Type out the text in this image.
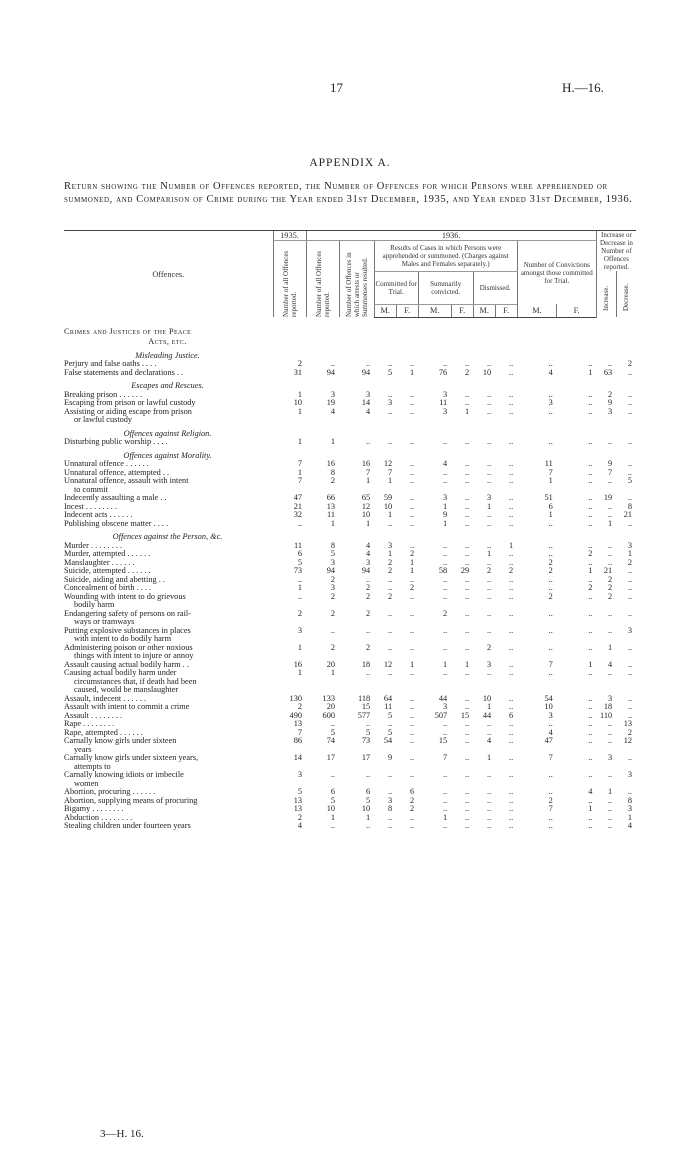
17	H.—16.
APPENDIX A.
Return showing the Number of Offences reported, the Number of Offences for which Persons were apprehended or summoned, and Comparison of Crime during the Year ended 31st December, 1935, and Year ended 31st December, 1936.
Offences.	1935.	1936.										Increase or Decrease in Number of Offences reported.	

	Number of all Offences reported.	Number of all Offences reported.	Number of Offences in which arrests or Summonses resulted.	Results of Cases in which Persons were apprehended or summoned. (Charges against Males and Females separately.)						Number of Convictions amongst those committed for Trial.			
				Committed for Trial.		Summarily convicted.		Dismissed.				Increase.	Decrease.

				M.	F.	M.	F.	M.	F.	M.	F.		

Crimes and Justices of the Peace													
Acts, etc.													
Misleading Justice.													
Perjury and false oaths . . . .	2	..	..	..	..	..	..	..	..	..	..	..	2
False statements and declarations . .	31	94	94	5	1	76	2	10	..	4	1	63	..
Escapes and Rescues.													
Breaking prison . . . . . .	1	3	3	..	..	3	..	..	..	..	..	2	..
Escaping from prison or lawful custody	10	19	14	3	..	11	..	..	..	3	..	9	..
Assisting or aiding escape from prison	1	4	4	..	..	3	1	..	..	..	..	3	..
or lawful custody													
Offences against Religion.													
Disturbing public worship . . . .	1	1	..	..	..	..	..	..	..	..	..	..	..
Offences against Morality.													
Unnatural offence . . . . . .	7	16	16	12	..	4	..	..	..	11	..	9	..
Unnatural offence, attempted . .	1	8	7	7	..	..	..	..	..	7	..	7	..
Unnatural offence, assault with intent	7	2	1	1	..	..	..	..	..	1	..	..	5
to commit													
Indecently assaulting a male . .	47	66	65	59	..	3	..	3	..	51	..	19	..
Incest . . . . . . . .	21	13	12	10	..	1	..	1	..	6	..	..	8
Indecent acts . . . . . .	32	11	10	1	..	9	..	..	..	1	..	..	21
Publishing obscene matter . . . .	..	1	1	..	..	1	..	..	..	..	..	1	..
Offences against the Person, &c.													
Murder . . . . . . . .	11	8	4	3	..	..	..	..	1	..	..	..	3
Murder, attempted . . . . . .	6	5	4	1	2	..	..	1	..	..	2	..	1
Manslaughter . . . . . .	5	3	3	2	1	..	..	..	..	2	..	..	2
Suicide, attempted . . . . . .	73	94	94	2	1	58	29	2	2	2	1	21	..
Suicide, aiding and abetting . .	..	2	..	..	..	..	..	..	..	..	..	2	..
Concealment of birth . . . .	1	3	2	..	2	..	..	..	..	..	2	2	..
Wounding with intent to do grievous	..	2	2	2	..	..	..	..	..	2	..	2	..
bodily harm													
Endangering safety of persons on rail-	2	2	2	..	..	2	..	..	..	..	..	..	..
ways or tramways													
Putting explosive substances in places	3	..	..	..	..	..	..	..	..	..	..	..	3
with intent to do bodily harm													
Administering poison or other noxious	1	2	2	..	..	..	..	2	..	..	..	1	..
things with intent to injure or annoy													
Assault causing actual bodily harm . .	16	20	18	12	1	1	1	3	..	7	1	4	..
Causing actual bodily harm under	1	1	..	..	..	..	..	..	..	..	..	..	..
circumstances that, if death had been													
caused, would be manslaughter													
Assault, indecent . . . . . .	130	133	118	64	..	44	..	10	..	54	..	3	..
Assault with intent to commit a crime	2	20	15	11	..	3	..	1	..	10	..	18	..
Assault . . . . . . . .	490	600	577	5	..	507	15	44	6	3	..	110	..
Rape . . . . . . . .	13	..	..	..	..	..	..	..	..	..	..	..	13
Rape, attempted . . . . . .	7	5	5	5	..	..	..	..	..	4	..	..	2
Carnally know girls under sixteen	86	74	73	54	..	15	..	4	..	47	..	..	12
years													
Carnally know girls under sixteen years,	14	17	17	9	..	7	..	1	..	7	..	3	..
attempts to													
Carnally knowing idiots or imbecile	3	..	..	..	..	..	..	..	..	..	..	..	3
women													
Abortion, procuring . . . . . .	5	6	6	..	6	..	..	..	..	..	4	1	..
Abortion, supplying means of procuring	13	5	5	3	2	..	..	..	..	2	..	..	8
Bigamy . . . . . . . .	13	10	10	8	2	..	..	..	..	7	1	..	3
Abduction . . . . . . . .	2	1	1	..	..	1	..	..	..	..	..	..	1
Stealing children under fourteen years	4	..	..	..	..	..	..	..	..	..	..	..	4
3—H. 16.
